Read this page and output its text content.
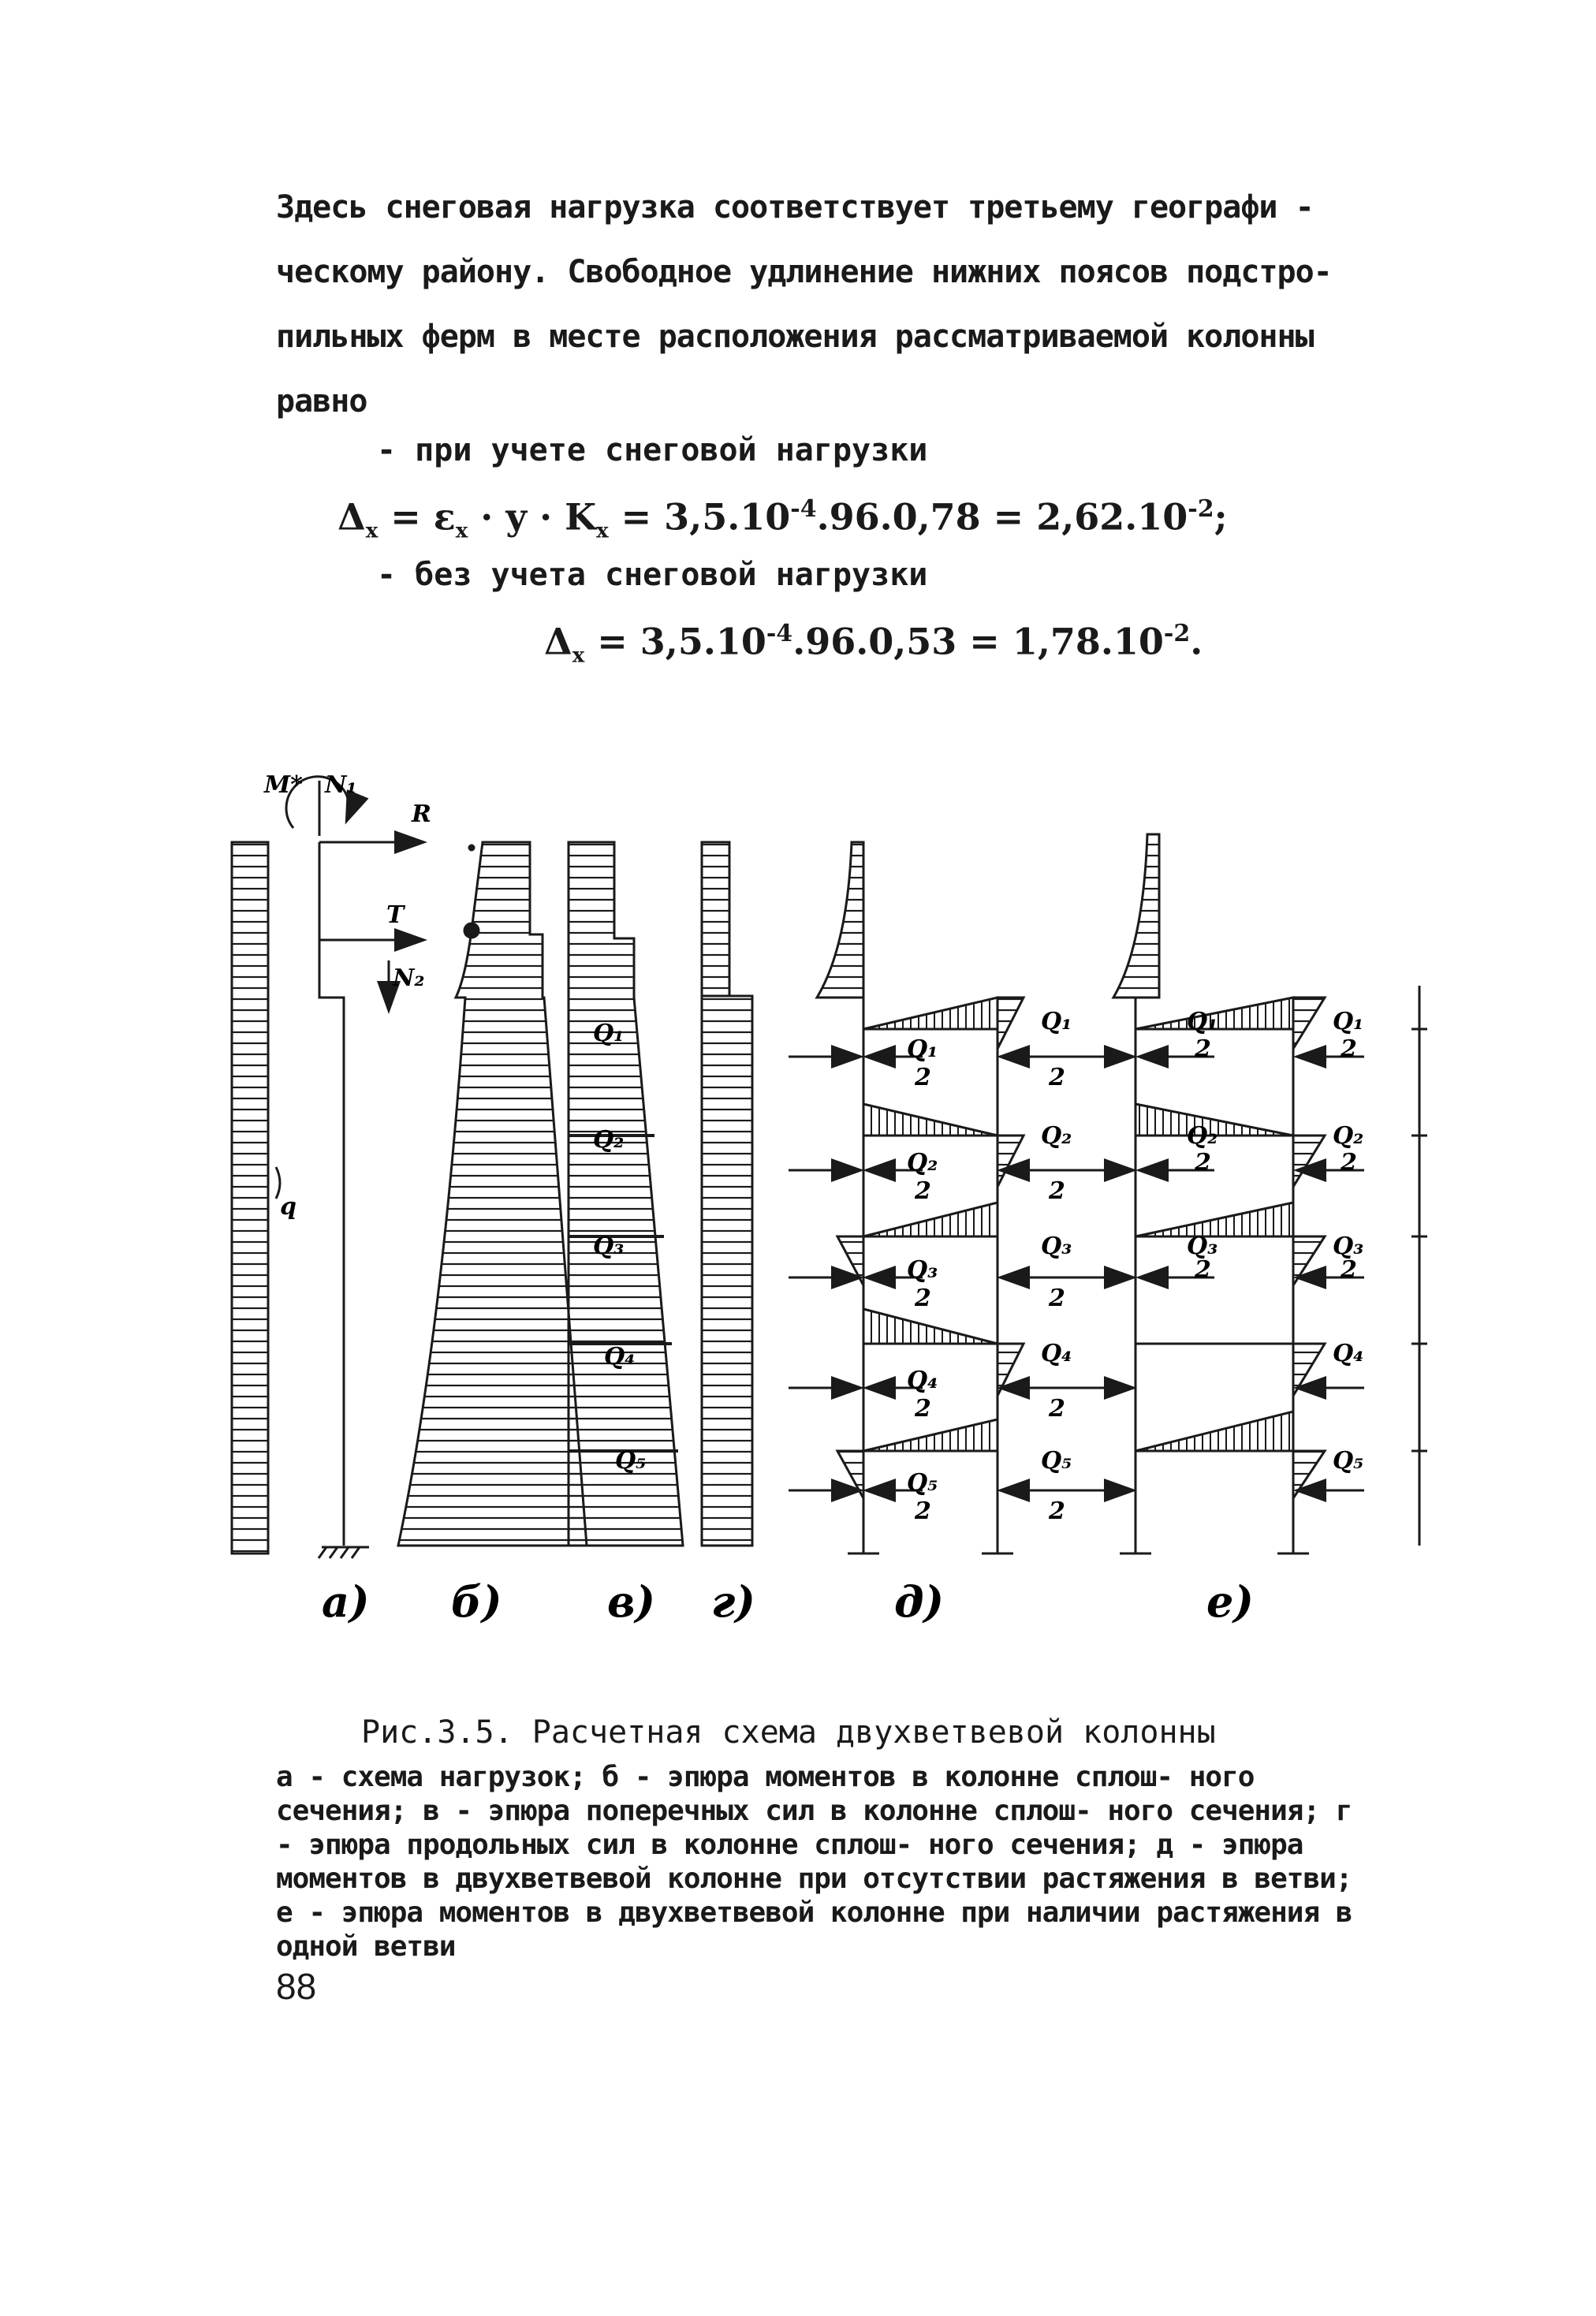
Здесь снеговая нагрузка соответствует третьему географи - ческому району. Свободное удлинение нижних поясов подстро- пильных ферм в месте расположения рассматриваемой колонны равно
- при учете снеговой нагрузки
$\Delta_x = \varepsilon_x \cdot y \cdot K_x = 3,5.10^{-4}.96.0,78 = 2,62.10^{-2}$;
- без учета снеговой нагрузки
$\Delta_x = 3,5.10^{-4}.96.0,53 = 1,78.10^{-2}$.
M* N₁
R
T
N₂
q
Q₁
Q₂
Q₃
Q₄
Q₅
Q₁
2
Q₂
2
Q₃
2
Q₄
2
Q₅
2
Q₁
2
Q₂
2
Q₃
2
Q₄
2
Q₅
2
Q₁
2
Q₂
2
Q₃
2
Q₁
2
Q₂
2
Q₃
2
Q₄
Q₅
а) б) в) г)	д)	е)
Рис.3.5. Расчетная схема двухветвевой колонны
а - схема нагрузок; б - эпюра моментов в колонне сплош- ного сечения; в - эпюра поперечных сил в колонне сплош- ного сечения; г - эпюра продольных сил в колонне сплош- ного сечения; д - эпюра моментов в двухветвевой колонне при отсутствии растяжения в ветви; е - эпюра моментов в двухветвевой колонне при наличии растяжения в одной ветви
88
